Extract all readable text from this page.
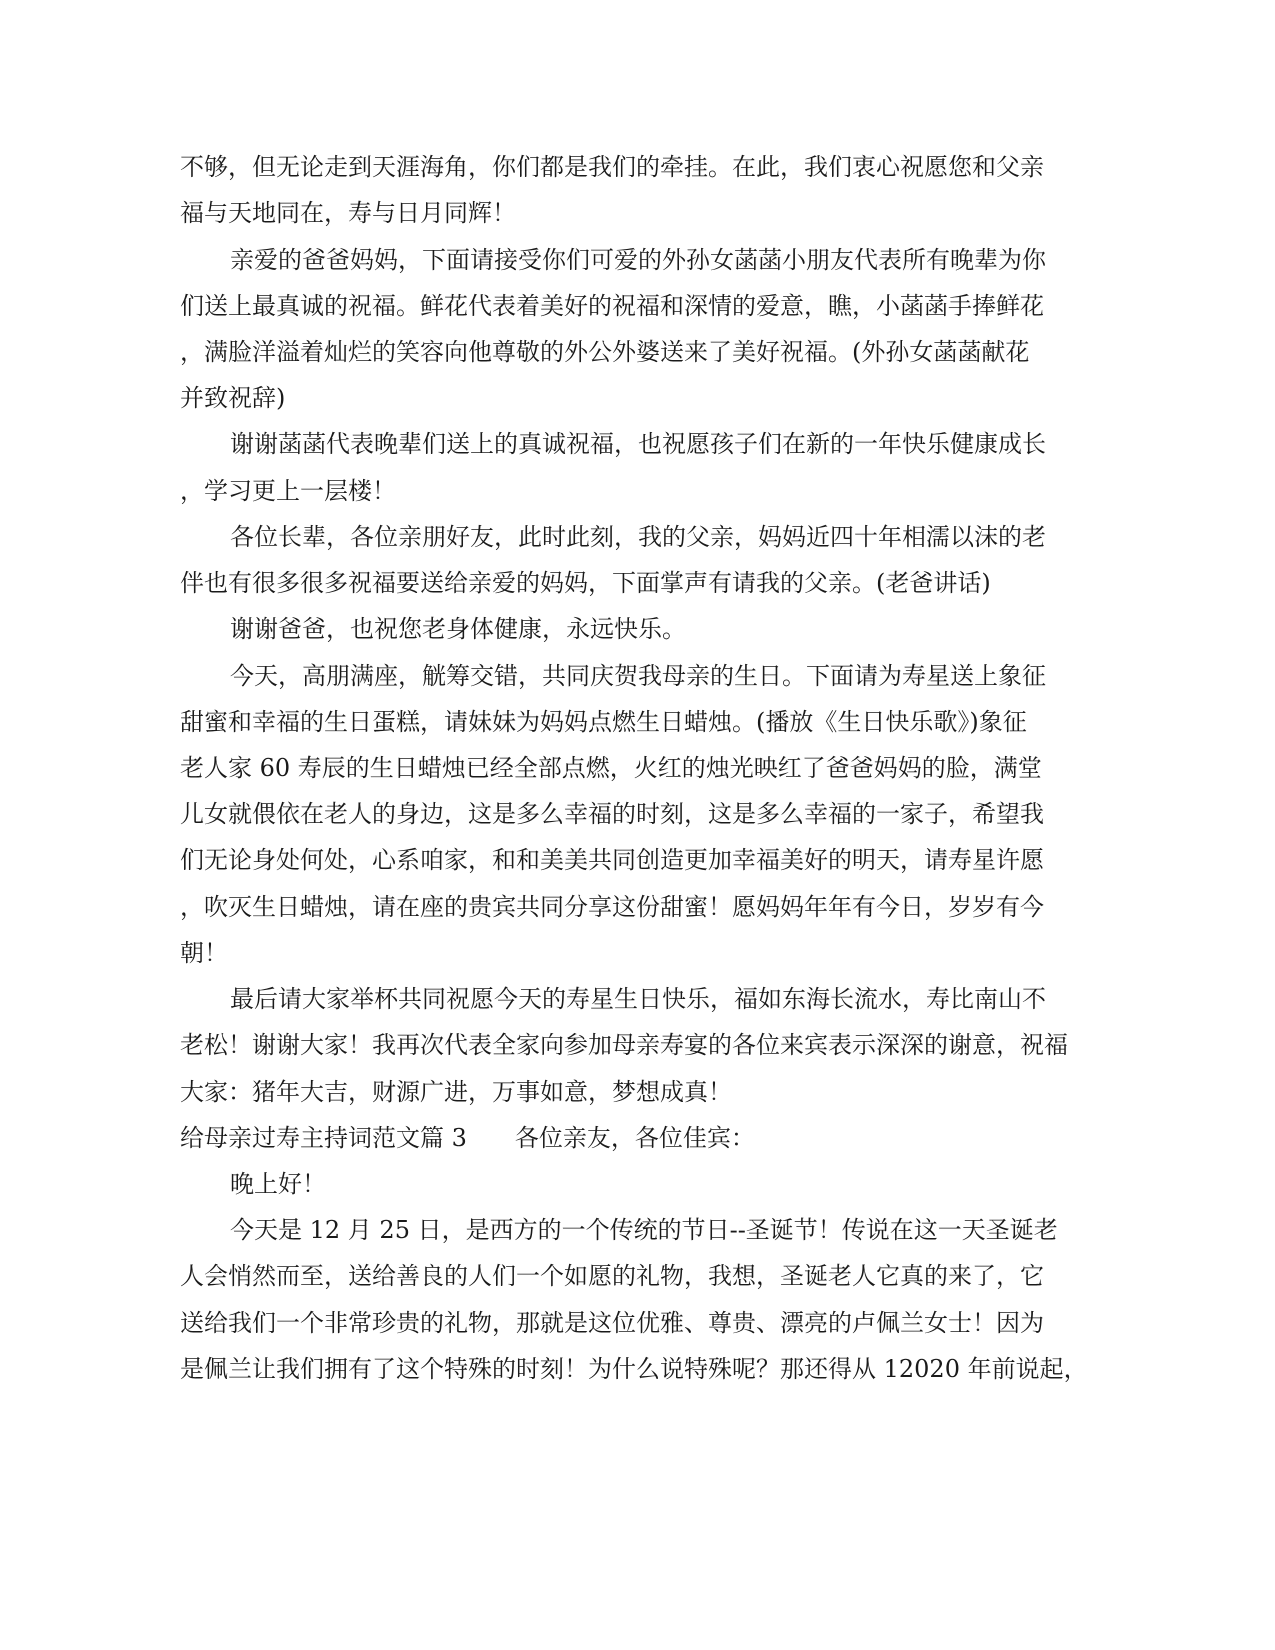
不够，但无论走到天涯海角，你们都是我们的牵挂。在此，我们衷心祝愿您和父亲
福与天地同在，寿与日月同辉！
亲爱的爸爸妈妈，下面请接受你们可爱的外孙女菡菡小朋友代表所有晚辈为你
们送上最真诚的祝福。鲜花代表着美好的祝福和深情的爱意，瞧，小菡菡手捧鲜花
，满脸洋溢着灿烂的笑容向他尊敬的外公外婆送来了美好祝福。(外孙女菡菡献花
并致祝辞)
谢谢菡菡代表晚辈们送上的真诚祝福，也祝愿孩子们在新的一年快乐健康成长
，学习更上一层楼！
各位长辈，各位亲朋好友，此时此刻，我的父亲，妈妈近四十年相濡以沫的老
伴也有很多很多祝福要送给亲爱的妈妈，下面掌声有请我的父亲。(老爸讲话)
谢谢爸爸，也祝您老身体健康，永远快乐。
今天，高朋满座，觥筹交错，共同庆贺我母亲的生日。下面请为寿星送上象征
甜蜜和幸福的生日蛋糕，请妹妹为妈妈点燃生日蜡烛。(播放《生日快乐歌》)象征
老人家 60 寿辰的生日蜡烛已经全部点燃，火红的烛光映红了爸爸妈妈的脸，满堂
儿女就偎依在老人的身边，这是多么幸福的时刻，这是多么幸福的一家子，希望我
们无论身处何处，心系咱家，和和美美共同创造更加幸福美好的明天，请寿星许愿
，吹灭生日蜡烛，请在座的贵宾共同分享这份甜蜜！愿妈妈年年有今日，岁岁有今
朝！
最后请大家举杯共同祝愿今天的寿星生日快乐，福如东海长流水，寿比南山不
老松！谢谢大家！我再次代表全家向参加母亲寿宴的各位来宾表示深深的谢意，祝福
大家：猪年大吉，财源广进，万事如意，梦想成真！
给母亲过寿主持词范文篇 3　　各位亲友，各位佳宾：
晚上好！
今天是 12 月 25 日，是西方的一个传统的节日--圣诞节！传说在这一天圣诞老
人会悄然而至，送给善良的人们一个如愿的礼物，我想，圣诞老人它真的来了，它
送给我们一个非常珍贵的礼物，那就是这位优雅、尊贵、漂亮的卢佩兰女士！因为
是佩兰让我们拥有了这个特殊的时刻！为什么说特殊呢？那还得从 12020 年前说起，
